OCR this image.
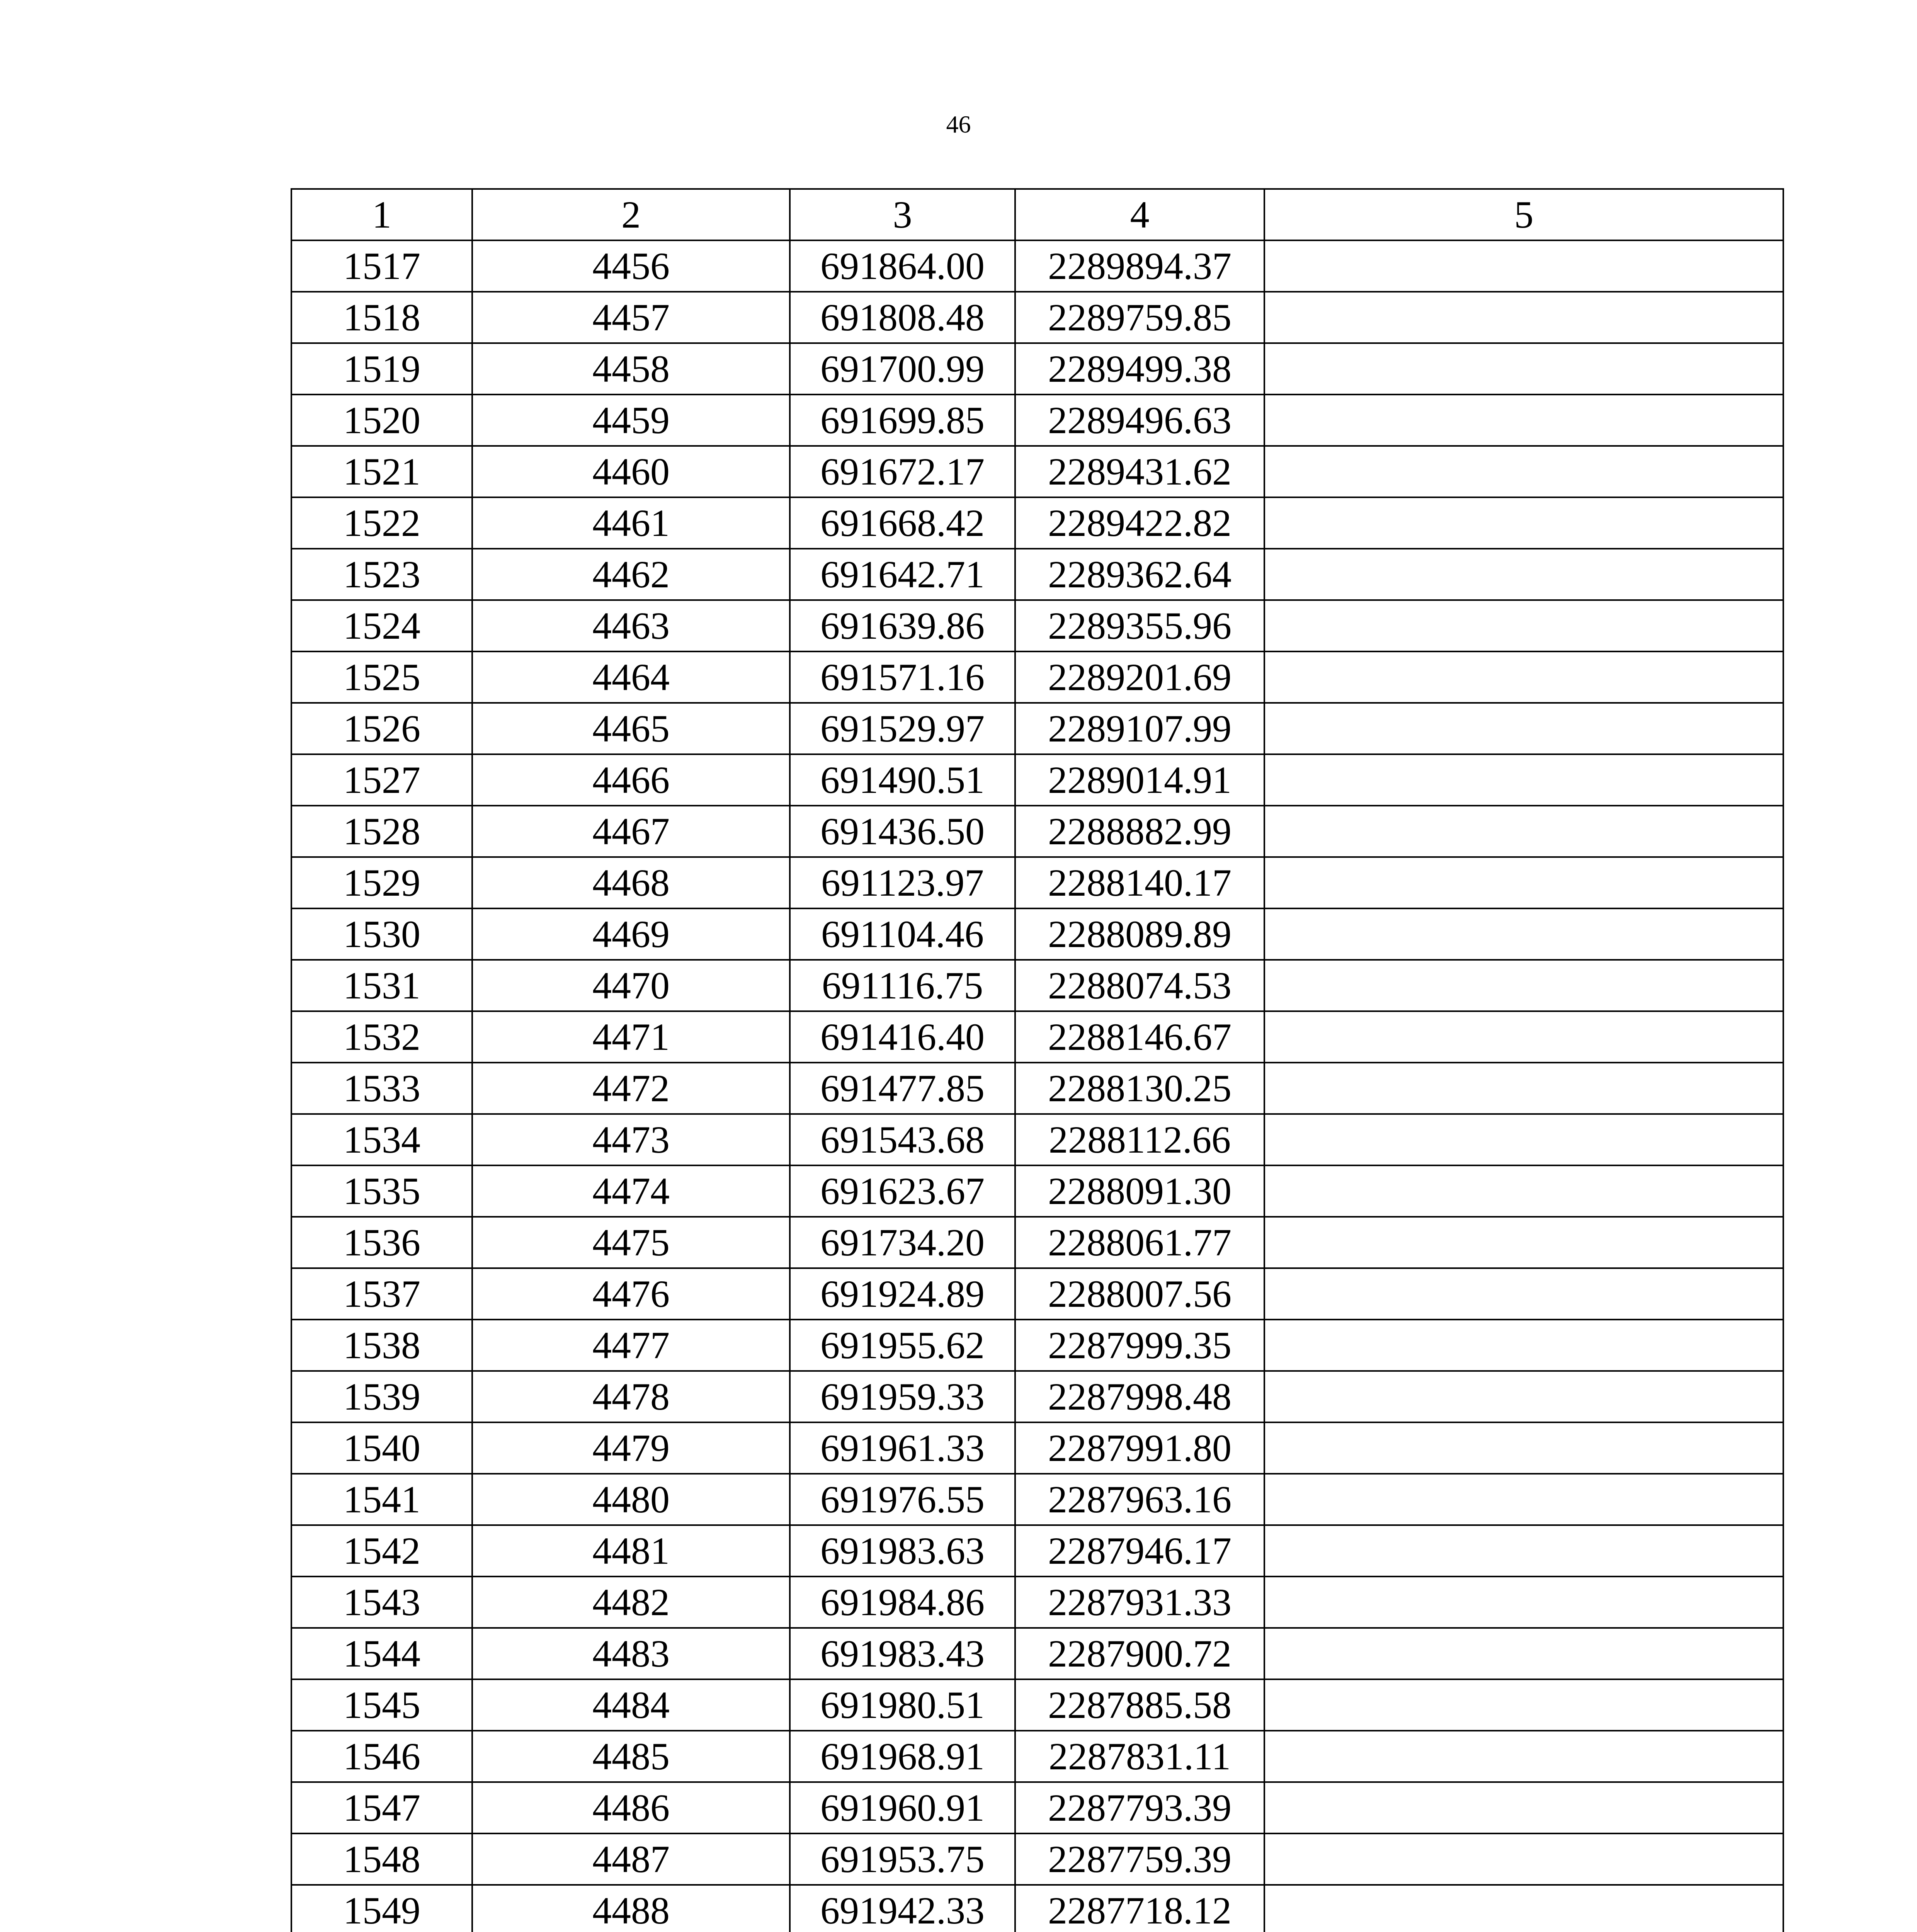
46
1	2	3	4	5
1517	4456	691864.00	2289894.37	
1518	4457	691808.48	2289759.85	
1519	4458	691700.99	2289499.38	
1520	4459	691699.85	2289496.63	
1521	4460	691672.17	2289431.62	
1522	4461	691668.42	2289422.82	
1523	4462	691642.71	2289362.64	
1524	4463	691639.86	2289355.96	
1525	4464	691571.16	2289201.69	
1526	4465	691529.97	2289107.99	
1527	4466	691490.51	2289014.91	
1528	4467	691436.50	2288882.99	
1529	4468	691123.97	2288140.17	
1530	4469	691104.46	2288089.89	
1531	4470	691116.75	2288074.53	
1532	4471	691416.40	2288146.67	
1533	4472	691477.85	2288130.25	
1534	4473	691543.68	2288112.66	
1535	4474	691623.67	2288091.30	
1536	4475	691734.20	2288061.77	
1537	4476	691924.89	2288007.56	
1538	4477	691955.62	2287999.35	
1539	4478	691959.33	2287998.48	
1540	4479	691961.33	2287991.80	
1541	4480	691976.55	2287963.16	
1542	4481	691983.63	2287946.17	
1543	4482	691984.86	2287931.33	
1544	4483	691983.43	2287900.72	
1545	4484	691980.51	2287885.58	
1546	4485	691968.91	2287831.11	
1547	4486	691960.91	2287793.39	
1548	4487	691953.75	2287759.39	
1549	4488	691942.33	2287718.12	
